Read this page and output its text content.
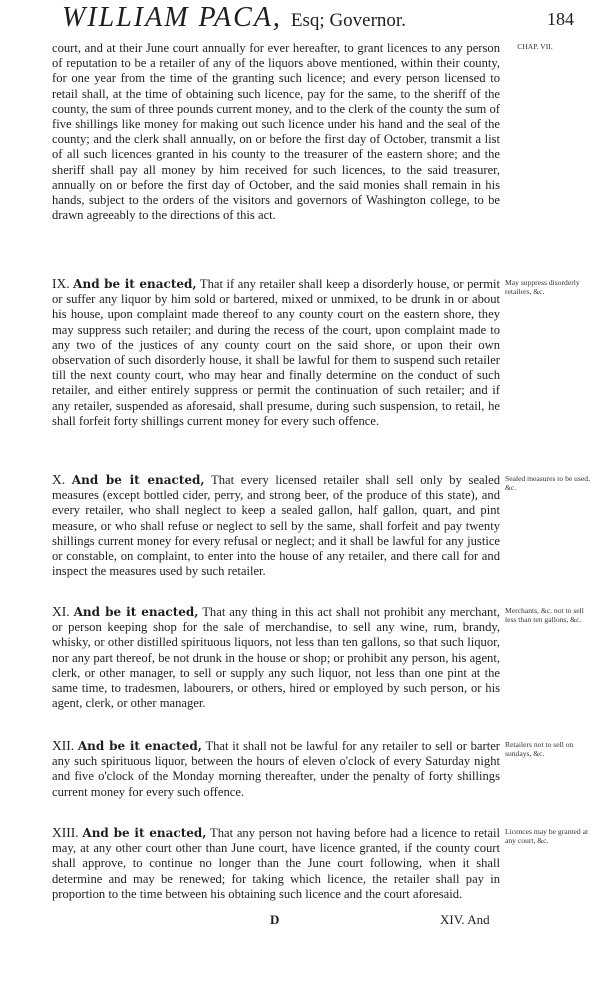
WILLIAM PACA, Esq; Governor.	184
CHAP. VII.

court, and at their June court annually for ever hereafter, to grant licences to any person of reputation to be a retailer of any of the liquors above mentioned, within their county, for one year from the time of the granting such licence; and every person licensed to retail shall, at the time of obtaining such licence, pay for the same, to the sheriff of the county, the sum of three pounds current money, and to the clerk of the county the sum of five shillings like money for making out such licence under his hand and the seal of the county; and the clerk shall annually, on or before the first day of October, transmit a list of all such licences granted in his county to the treasurer of the eastern shore; and the sheriff shall pay all money by him received for such licences, to the said treasurer, annually on or before the first day of October, and the said monies shall remain in his hands, subject to the orders of the visitors and governors of Washington college, to be drawn agreeably to the directions of this act.

May suppress disorderly retailers, &c.

IX. And be it enacted, That if any retailer shall keep a disorderly house, or permit or suffer any liquor by him sold or bartered, mixed or unmixed, to be drunk in or about his house, upon complaint made thereof to any county court on the eastern shore, they may suppress such retailer; and during the recess of the court, upon complaint made to any two of the justices of any county court on the said shore, or upon their own observation of such disorderly house, it shall be lawful for them to suspend such retailer till the next county court, who may hear and finally determine on the conduct of such retailer, and either entirely suppress or permit the continuation of such retailer; and if any retailer, suspended as aforesaid, shall presume, during such suspension, to retail, he shall forfeit forty shillings current money for every such offence.

Sealed measures to be used, &c.

X. And be it enacted, That every licensed retailer shall sell only by sealed measures (except bottled cider, perry, and strong beer, of the produce of this state), and every retailer, who shall neglect to keep a sealed gallon, half gallon, quart, and pint measure, or who shall refuse or neglect to sell by the same, shall forfeit and pay twenty shillings current money for every refusal or neglect; and it shall be lawful for any justice or constable, on complaint, to enter into the house of any retailer, and there call for and inspect the measures used by such retailer.

Merchants, &c. not to sell less than ten gallons, &c.

XI. And be it enacted, That any thing in this act shall not prohibit any merchant, or person keeping shop for the sale of merchandise, to sell any wine, rum, brandy, whisky, or other distilled spirituous liquors, not less than ten gallons, so that such liquor, nor any part thereof, be not drunk in the house or shop; or prohibit any person, his agent, clerk, or other manager, to sell or supply any such liquor, not less than one pint at the same time, to tradesmen, labourers, or others, hired or employed by such person, or his agent, clerk, or other manager.

Retailers not to sell on sundays, &c.

XII. And be it enacted, That it shall not be lawful for any retailer to sell or barter any such spirituous liquor, between the hours of eleven o'clock of every Saturday night and five o'clock of the Monday morning thereafter, under the penalty of forty shillings current money for every such offence.

Licences may be granted at any court, &c.

XIII. And be it enacted, That any person not having before had a licence to retail may, at any other court other than June court, have licence granted, if the county court shall approve, to continue no longer than the June court following, when it shall determine and may be renewed; for taking which licence, the retailer shall pay in proportion to the time between his obtaining such licence and the court aforesaid.

D	XIV. And
